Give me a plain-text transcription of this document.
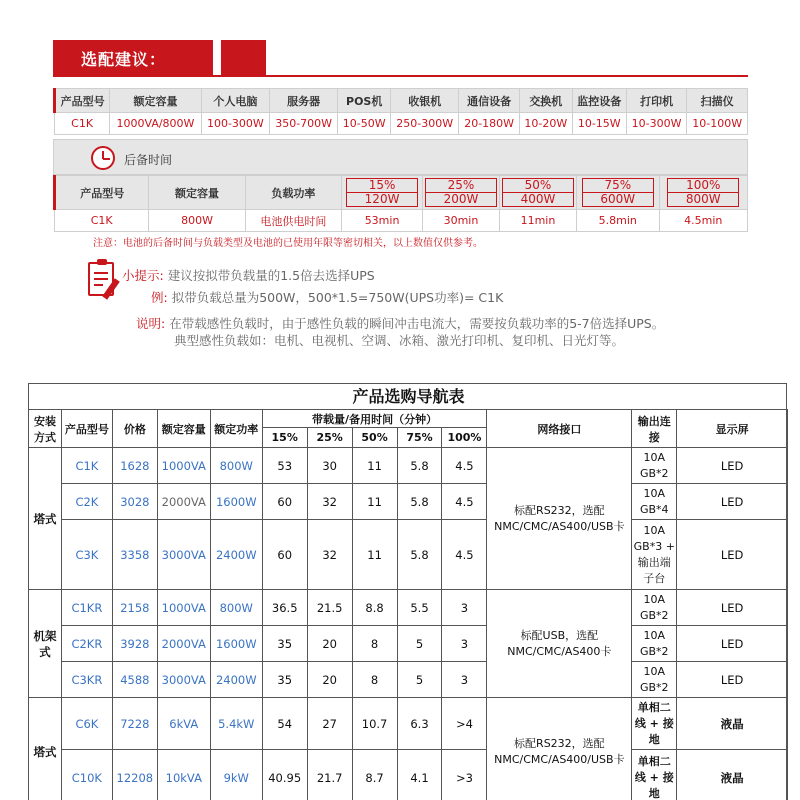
选配建议：
产品型号	额定容量	个人电脑	服务器	POS机	收银机	通信设备	交换机	监控设备	打印机	扫描仪
C1K	1000VA/800W	100-300W	350-700W	10-50W	250-300W	20-180W	10-20W	10-15W	10-300W	10-100W
后备时间
产品型号	额定容量	负载功率	$\frac{15\%}{120W}$	$\frac{25\%}{200W}$	$\frac{50\%}{400W}$	$\frac{75\%}{600W}$	$\frac{100\%}{800W}$
C1K	800W	电池供电时间	53min	30min	11min	5.8min	4.5min
注意：电池的后备时间与负载类型及电池的已使用年限等密切相关，以上数值仅供参考。
小提示: 建议按拟带负载量的1.5倍去选择UPS
例: 拟带负载总量为500W，500*1.5=750W(UPS功率)= C1K
说明: 在带载感性负载时，由于感性负载的瞬间冲击电流大，需要按负载功率的5-7倍选择UPS。
典型感性负载如：电机、电视机、空调、冰箱、激光打印机、复印机、日光灯等。
产品选购导航表
安装方式	产品型号	价格	额定容量	额定功率	带载量/备用时间（分钟）					网络接口	输出连接	显示屏
					15%	25%	50%	75%	100%			
塔式	C1K	1628	1000VA	800W	53	30	11	5.8	4.5	标配RS232，选配NMC/CMC/AS400/USB卡	10A GB*2	LED
	C2K	3028	2000VA	1600W	60	32	11	5.8	4.5		10A GB*4	LED
	C3K	3358	3000VA	2400W	60	32	11	5.8	4.5		10A GB*3 + 输出端子台	LED
机架式	C1KR	2158	1000VA	800W	36.5	21.5	8.8	5.5	3	标配USB，选配NMC/CMC/AS400卡	10A GB*2	LED
	C2KR	3928	2000VA	1600W	35	20	8	5	3		10A GB*2	LED
	C3KR	4588	3000VA	2400W	35	20	8	5	3		10A GB*2	LED
塔式	C6K	7228	6kVA	5.4kW	54	27	10.7	6.3	>4	标配RS232，选配NMC/CMC/AS400/USB卡	单相二线 + 接地	液晶
	C10K	12208	10kVA	9kW	40.95	21.7	8.7	4.1	>3		单相二线 + 接地	液晶
